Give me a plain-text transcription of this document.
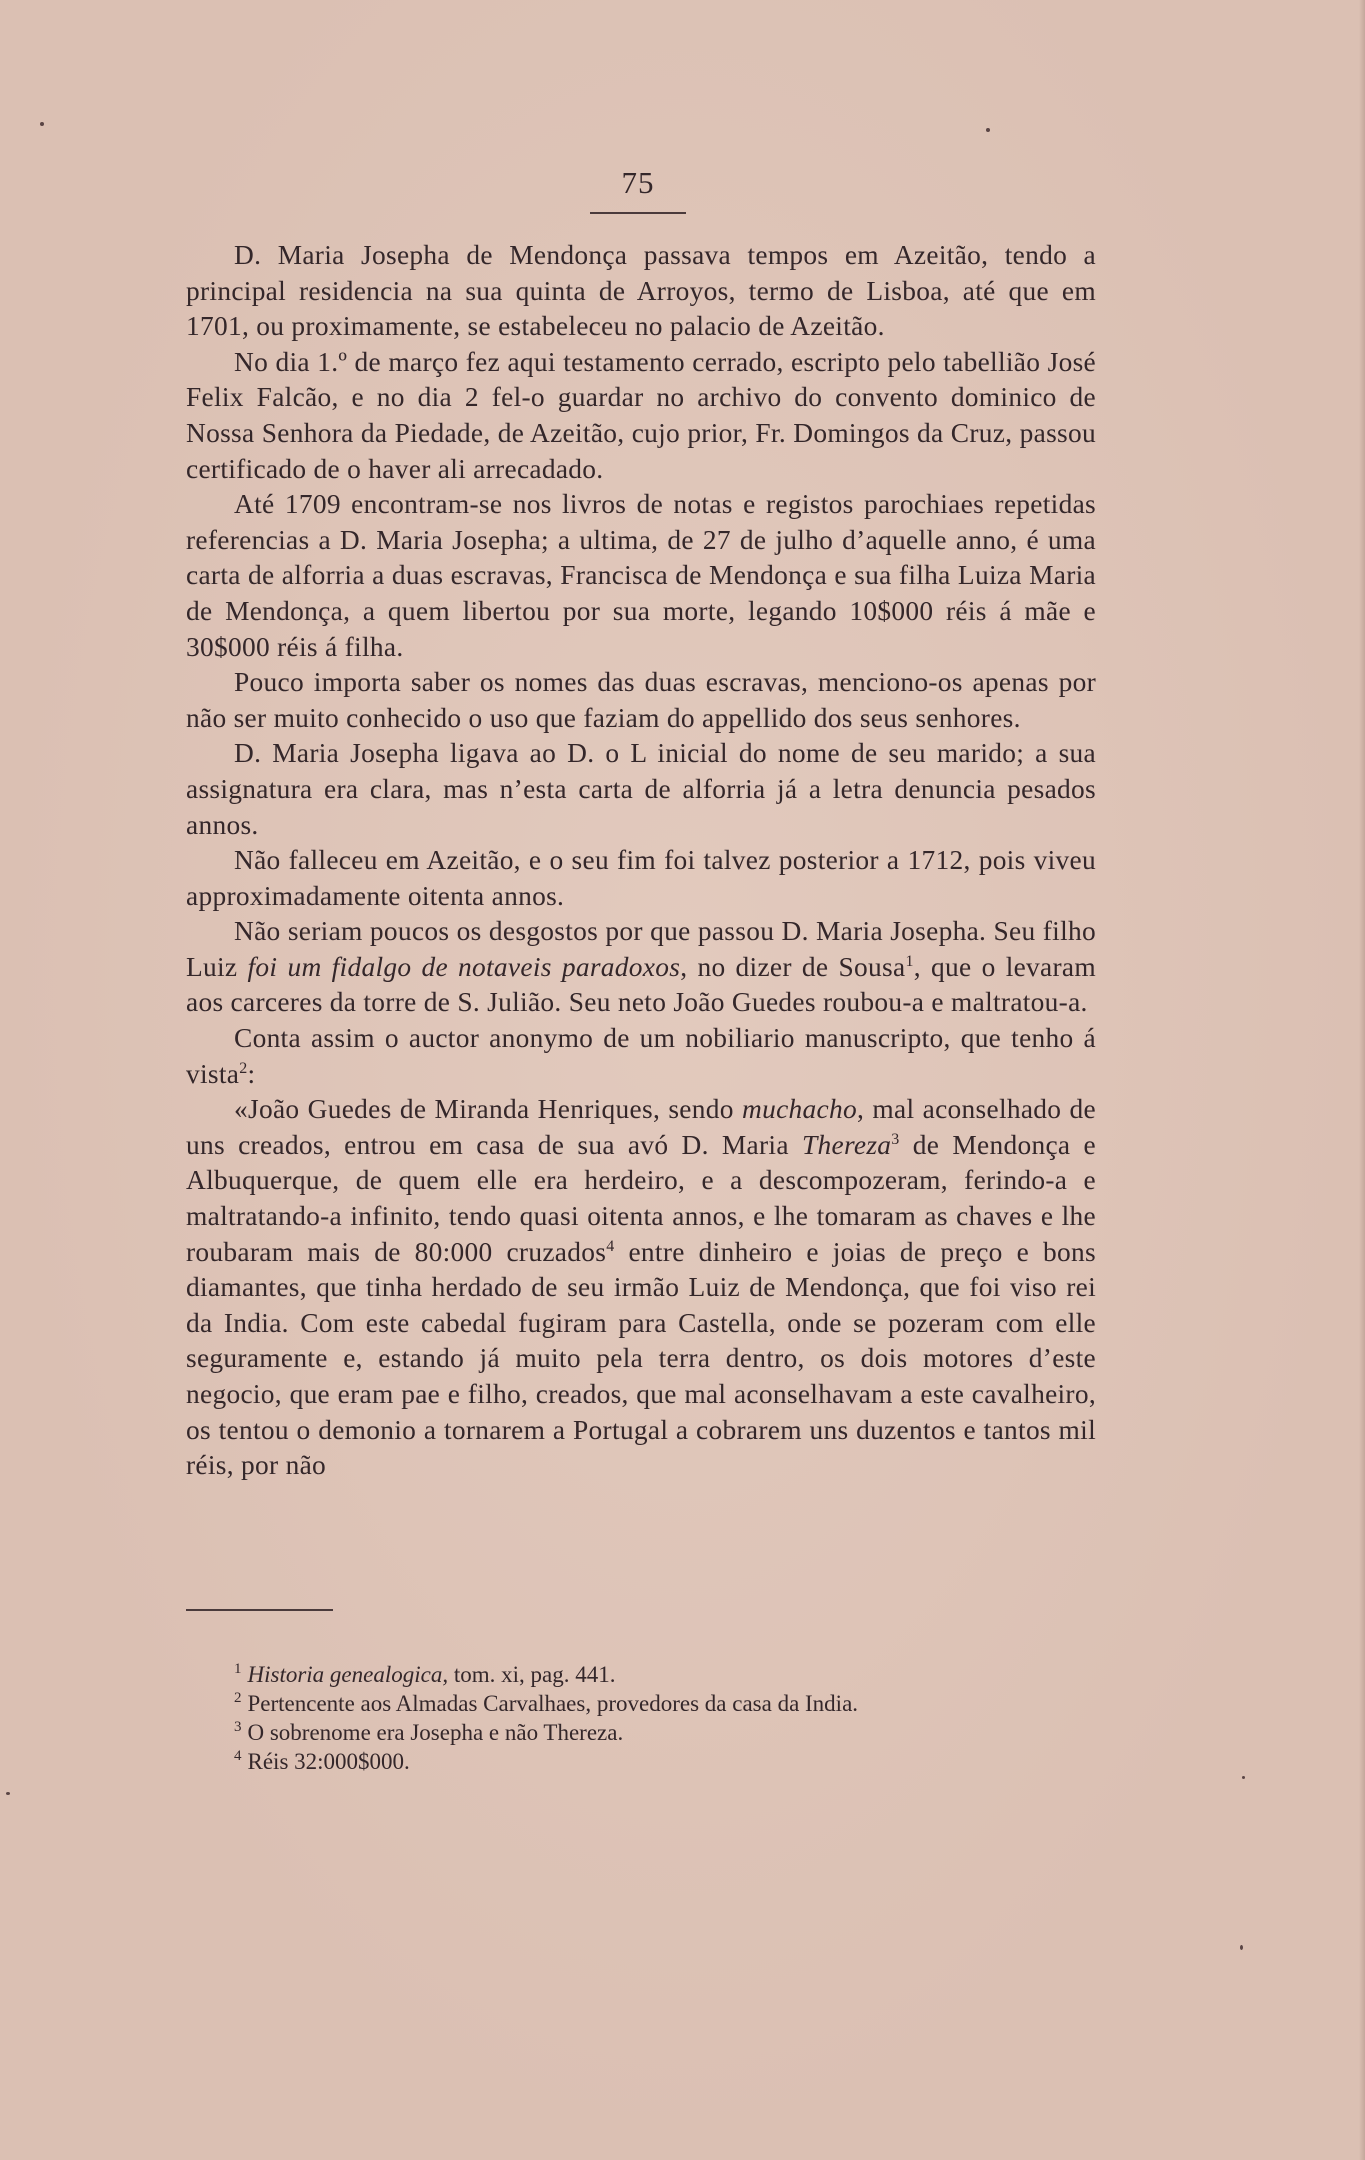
75

D. Maria Josepha de Mendonça passava tempos em Azeitão, tendo a principal residencia na sua quinta de Arroyos, termo de Lisboa, até que em 1701, ou proximamente, se estabeleceu no palacio de Azeitão.

No dia 1.º de março fez aqui testamento cerrado, escripto pelo tabellião José Felix Falcão, e no dia 2 fel-o guardar no archivo do convento dominico de Nossa Senhora da Piedade, de Azeitão, cujo prior, Fr. Domingos da Cruz, passou certificado de o haver ali arrecadado.

Até 1709 encontram-se nos livros de notas e registos parochiaes repetidas referencias a D. Maria Josepha; a ultima, de 27 de julho d’aquelle anno, é uma carta de alforria a duas escravas, Francisca de Mendonça e sua filha Luiza Maria de Mendonça, a quem libertou por sua morte, legando 10$000 réis á mãe e 30$000 réis á filha.

Pouco importa saber os nomes das duas escravas, menciono-os apenas por não ser muito conhecido o uso que faziam do appellido dos seus senhores.

D. Maria Josepha ligava ao D. o L inicial do nome de seu marido; a sua assignatura era clara, mas n’esta carta de alforria já a letra denuncia pesados annos.

Não falleceu em Azeitão, e o seu fim foi talvez posterior a 1712, pois viveu approximadamente oitenta annos.

Não seriam poucos os desgostos por que passou D. Maria Josepha. Seu filho Luiz foi um fidalgo de notaveis paradoxos, no dizer de Sousa$^1$, que o levaram aos carceres da torre de S. Julião. Seu neto João Guedes roubou-a e maltratou-a.

Conta assim o auctor anonymo de um nobiliario manuscripto, que tenho á vista$^2$:

«João Guedes de Miranda Henriques, sendo muchacho, mal aconselhado de uns creados, entrou em casa de sua avó D. Maria Thereza$^3$ de Mendonça e Albuquerque, de quem elle era herdeiro, e a descompozeram, ferindo-a e maltratando-a infinito, tendo quasi oitenta annos, e lhe tomaram as chaves e lhe roubaram mais de 80:000 cruzados$^4$ entre dinheiro e joias de preço e bons diamantes, que tinha herdado de seu irmão Luiz de Mendonça, que foi viso rei da India. Com este cabedal fugiram para Castella, onde se pozeram com elle seguramente e, estando já muito pela terra dentro, os dois motores d’este negocio, que eram pae e filho, creados, que mal aconselhavam a este cavalheiro, os tentou o demonio a tornarem a Portugal a cobrarem uns duzentos e tantos mil réis, por não

$^1$ Historia genealogica, tom. xi, pag. 441.

$^2$ Pertencente aos Almadas Carvalhaes, provedores da casa da India.

$^3$ O sobrenome era Josepha e não Thereza.

$^4$ Réis 32:000$000.
